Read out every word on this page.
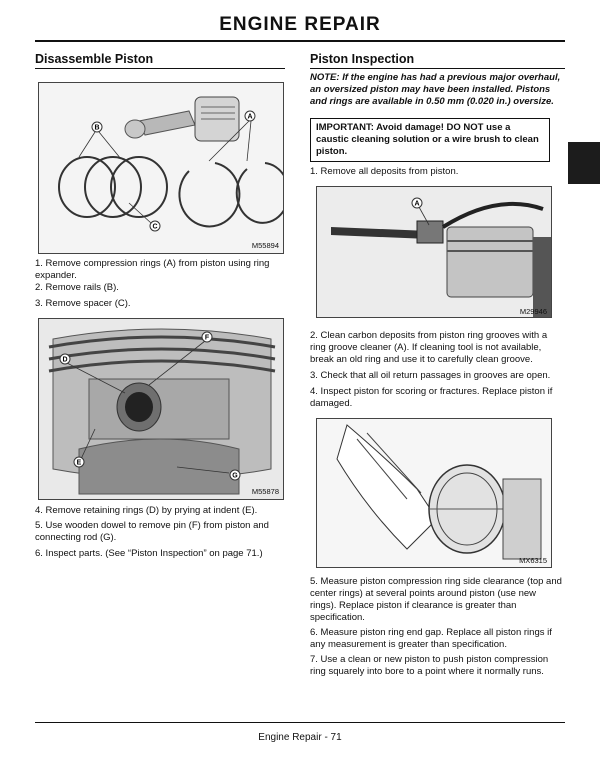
ENGINE REPAIR
Disassemble Piston
B
A
C
M55894
1. Remove compression rings (A) from piston using ring expander.
2. Remove rails (B).
3. Remove spacer (C).
D
F
E
G
M55878
4. Remove retaining rings (D) by prying at indent (E).
5. Use wooden dowel to remove pin (F) from piston and connecting rod (G).
6. Inspect parts. (See “Piston Inspection” on page 71.)
Piston Inspection
NOTE: If the engine has had a previous major overhaul, an oversized piston may have been installed. Pistons and rings are available in 0.50 mm (0.020 in.) oversize.
IMPORTANT: Avoid damage! DO NOT use a caustic cleaning solution or a wire brush to clean piston.
1. Remove all deposits from piston.
A
M29946
2. Clean carbon deposits from piston ring grooves with a ring groove cleaner (A). If cleaning tool is not available, break an old ring and use it to carefully clean groove.
3. Check that all oil return passages in grooves are open.
4. Inspect piston for scoring or fractures. Replace piston if damaged.
MX6315
5. Measure piston compression ring side clearance (top and center rings) at several points around piston (use new rings). Replace piston if clearance is greater than specification.
6. Measure piston ring end gap. Replace all piston rings if any measurement is greater than specification.
7. Use a clean or new piston to push piston compression ring squarely into bore to a point where it normally runs.
Engine Repair - 71
